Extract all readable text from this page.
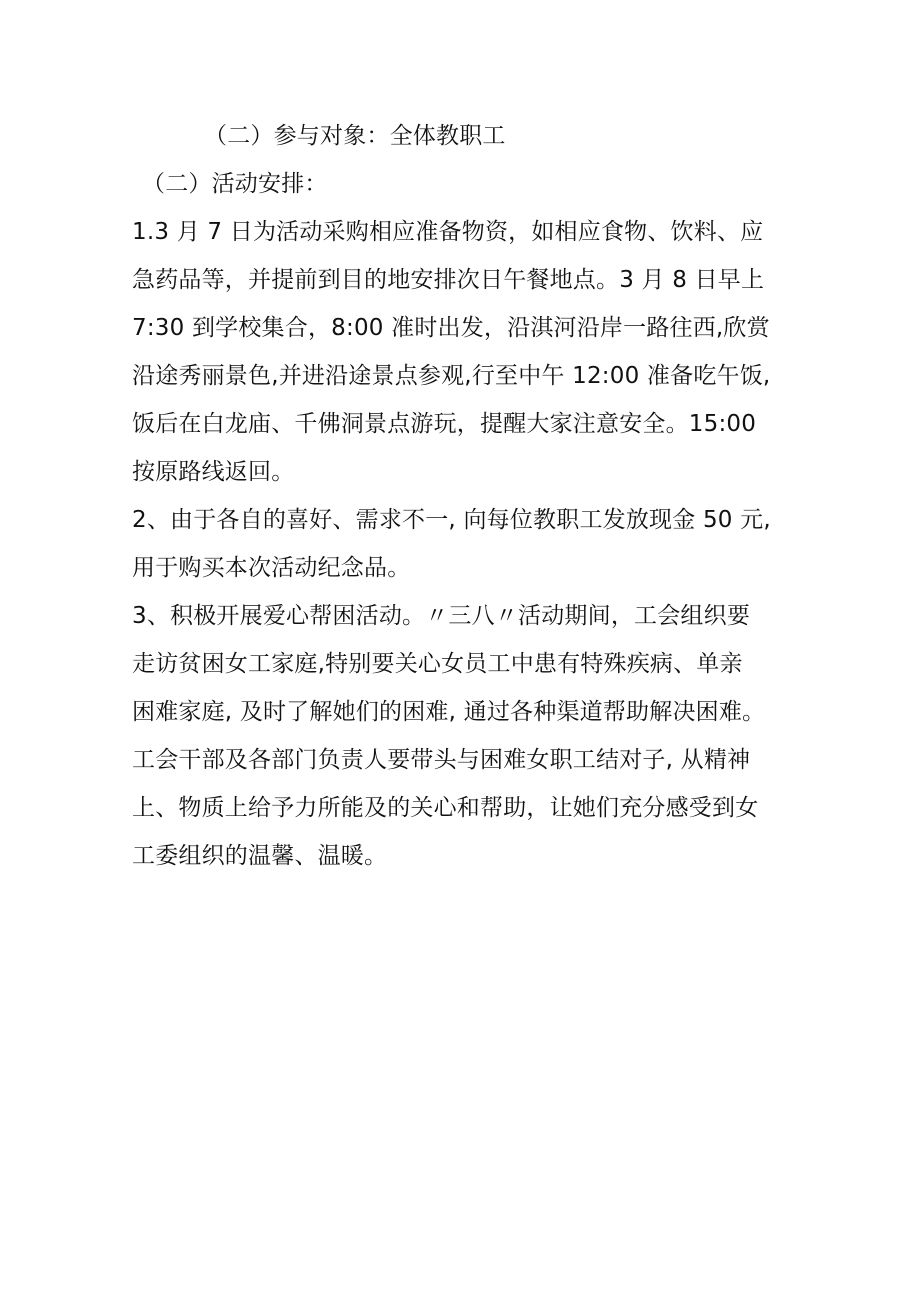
（二）参与对象：全体教职工
（二）活动安排：
1.3 月 7 日为活动采购相应准备物资，如相应食物、饮料、应
急药品等，并提前到目的地安排次日午餐地点。3 月 8 日早上
7:30 到学校集合，8:00 准时出发，沿淇河沿岸一路往西,欣赏
沿途秀丽景色,并进沿途景点参观,行至中午 12:00 准备吃午饭,
饭后在白龙庙、千佛洞景点游玩，提醒大家注意安全。15:00
按原路线返回。
2、由于各自的喜好、需求不一, 向每位教职工发放现金 50 元,
用于购买本次活动纪念品。
3、积极开展爱心帮困活动。〃三八〃活动期间，工会组织要
走访贫困女工家庭,特别要关心女员工中患有特殊疾病、单亲
困难家庭, 及时了解她们的困难, 通过各种渠道帮助解决困难。
工会干部及各部门负责人要带头与困难女职工结对子, 从精神
上、物质上给予力所能及的关心和帮助，让她们充分感受到女
工委组织的温馨、温暖。
